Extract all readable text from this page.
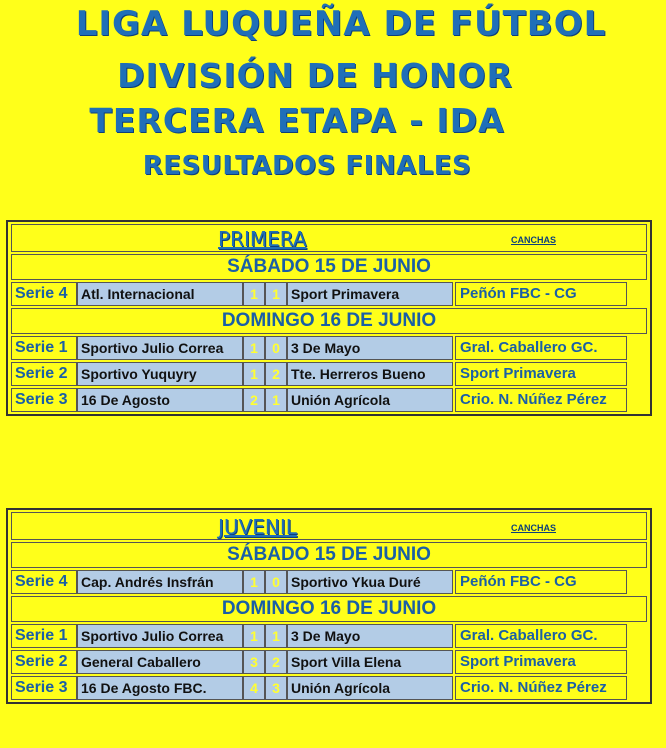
LIGA LUQUEÑA DE FÚTBOL
DIVISIÓN DE HONOR
TERCERA ETAPA - IDA
RESULTADOS FINALES
PRIMERA	CANCHAS
SÁBADO 15 DE JUNIO
Serie 4 Atl. Internacional	1	1 Sport Primavera	Peñón FBC - CG
DOMINGO 16 DE JUNIO
Serie 1 Sportivo Julio Correa	1	0 3 De Mayo	Gral. Caballero GC.
Serie 2 Sportivo Yuquyry	1	2 Tte. Herreros Bueno	Sport Primavera
Serie 3 16 De Agosto	2	1 Unión Agrícola	Crio. N. Núñez Pérez
JUVENIL	CANCHAS
SÁBADO 15 DE JUNIO
Serie 4 Cap. Andrés Insfrán	1	0 Sportivo Ykua Duré	Peñón FBC - CG
DOMINGO 16 DE JUNIO
Serie 1 Sportivo Julio Correa	1	1 3 De Mayo	Gral. Caballero GC.
Serie 2 General Caballero	3	2 Sport Villa Elena	Sport Primavera
Serie 3 16 De Agosto FBC.	4	3 Unión Agrícola	Crio. N. Núñez Pérez
